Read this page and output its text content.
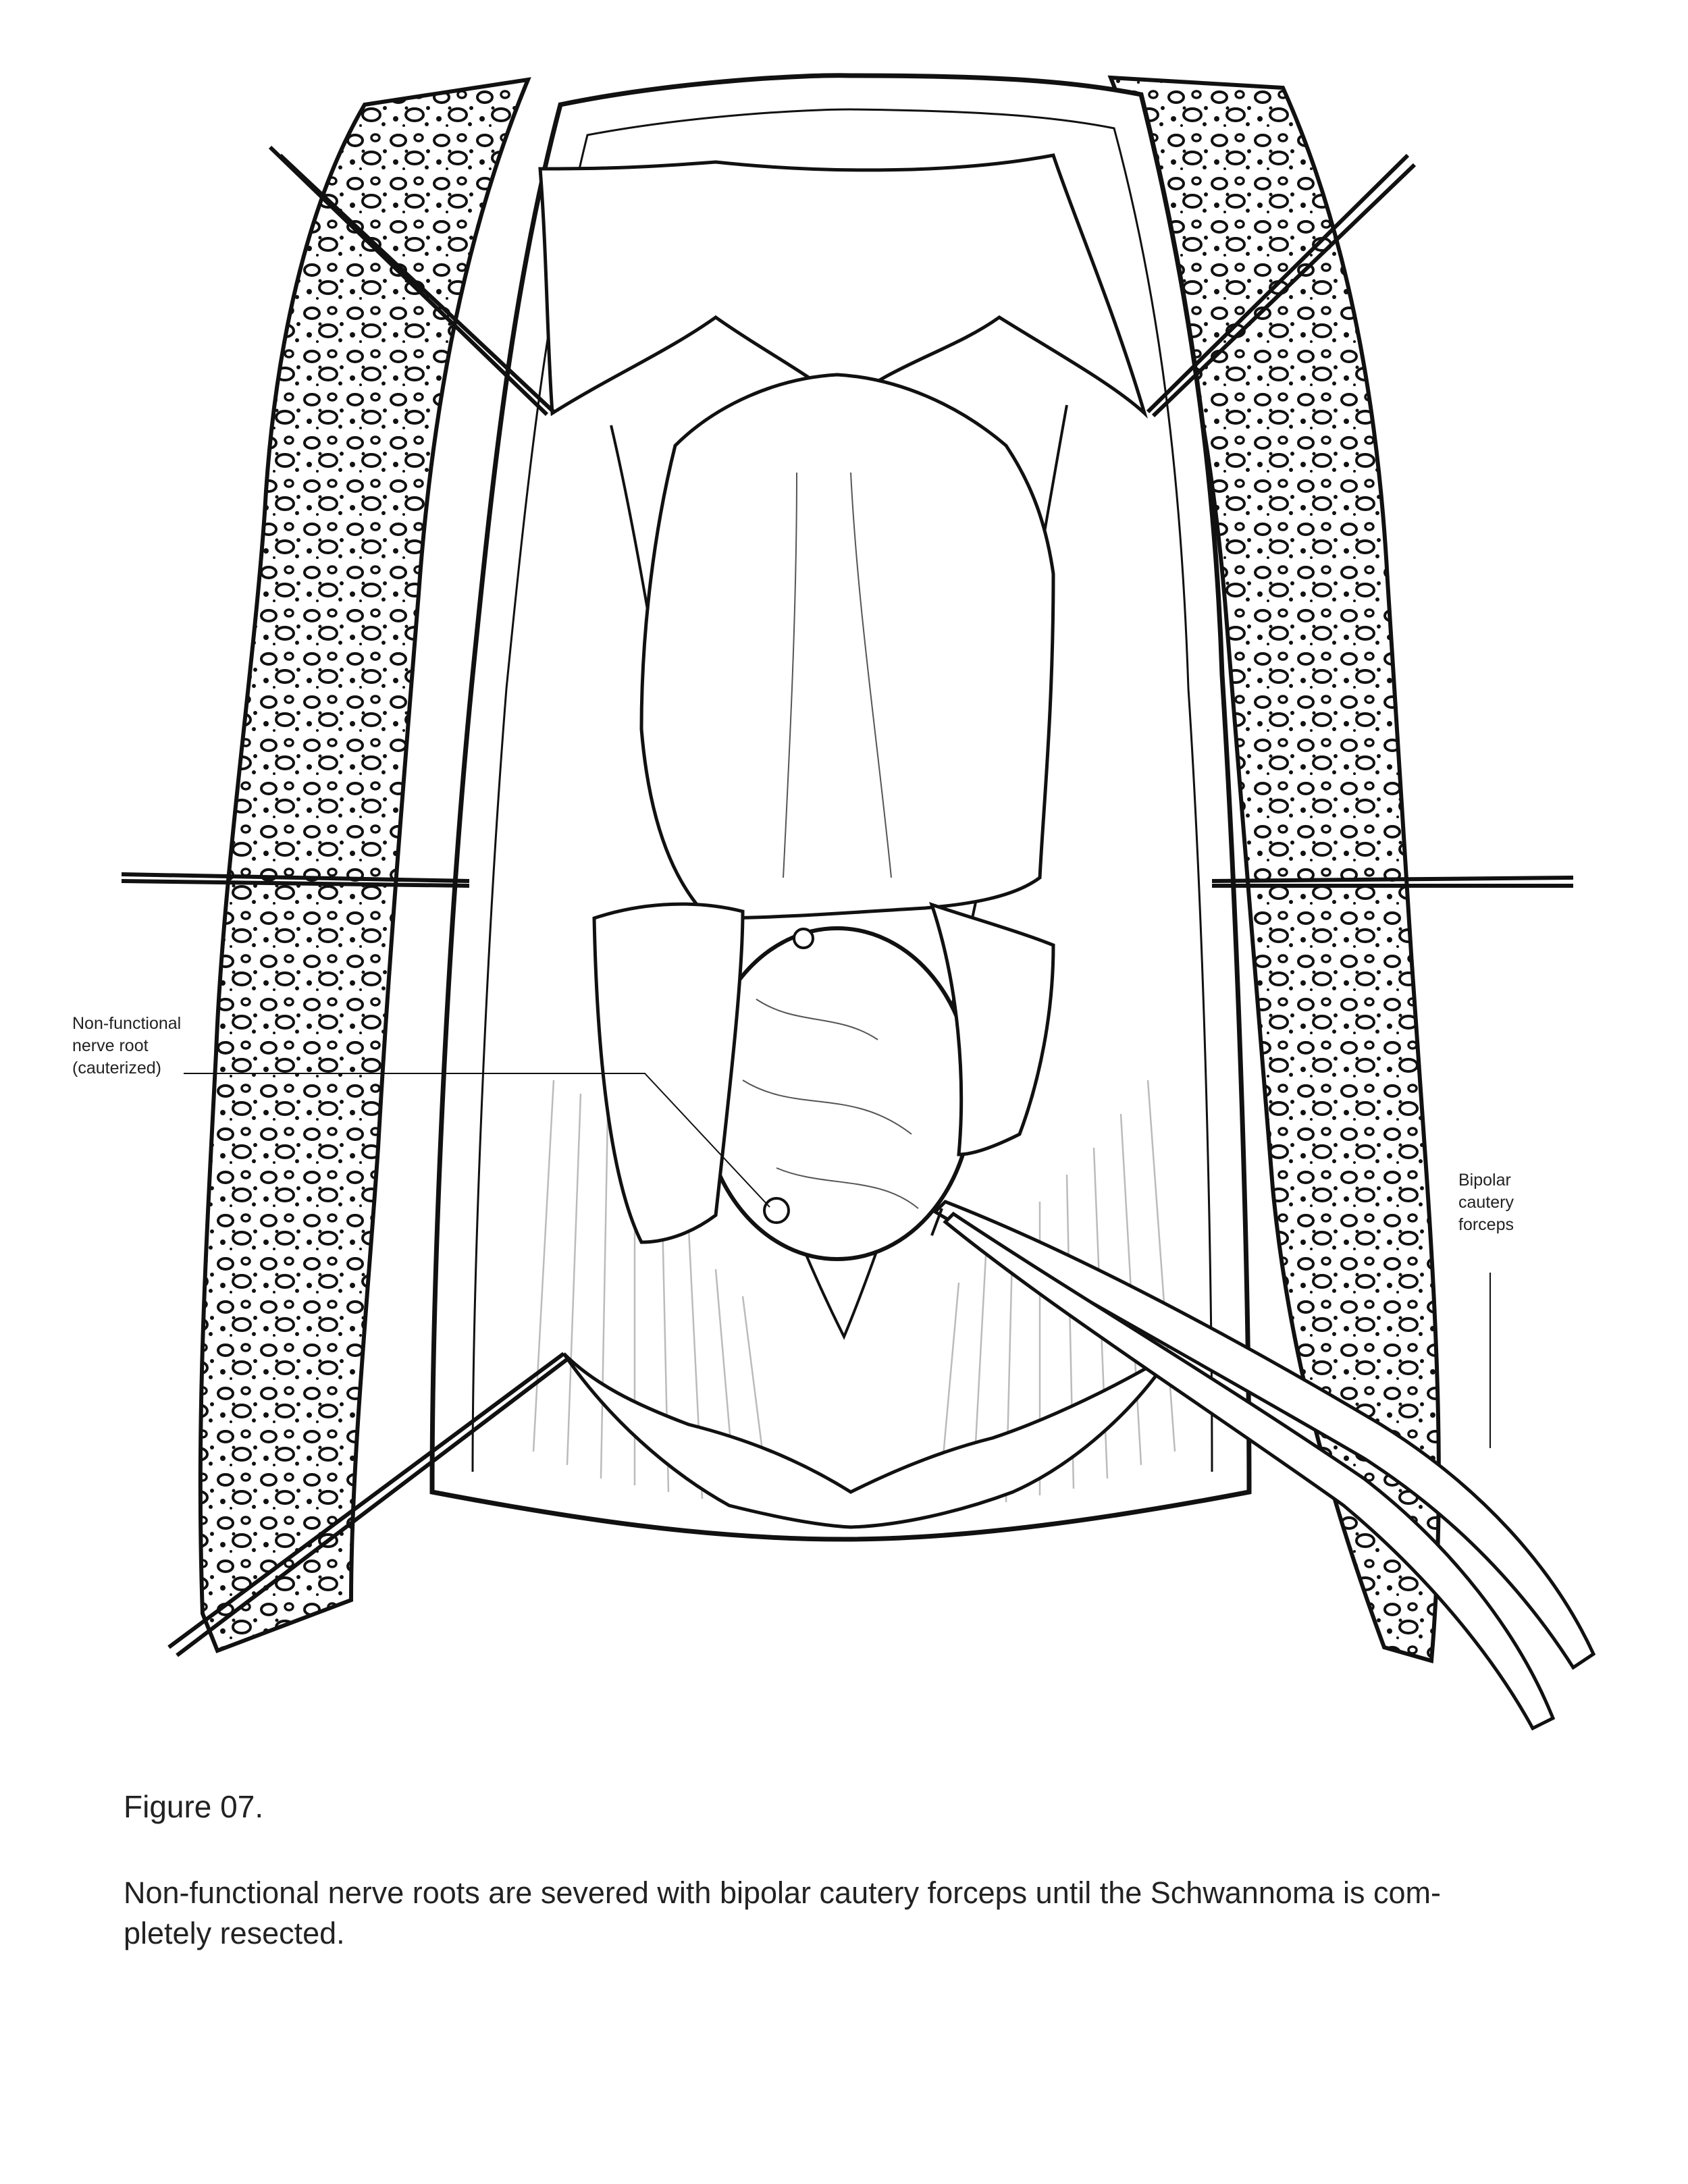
Non-functional
nerve root
(cauterized)
Bipolar
cautery
forceps
Figure 07.
Non-functional nerve roots are severed with bipolar cautery forceps until the Schwannoma is com-
pletely resected.
